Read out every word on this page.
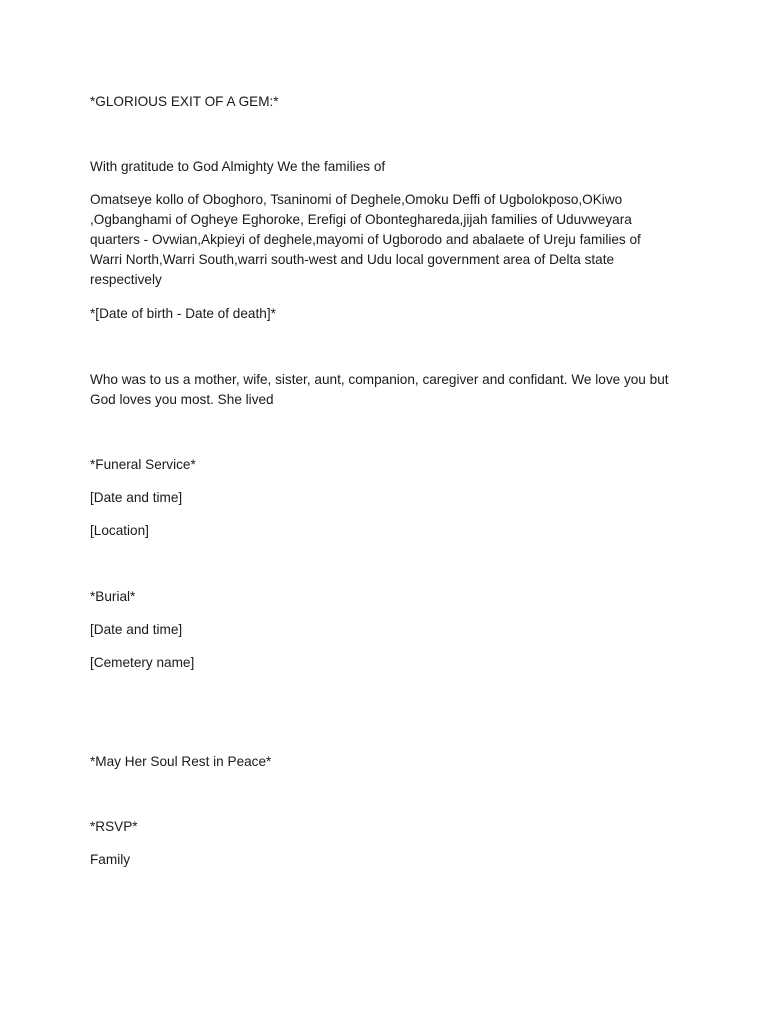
*GLORIOUS EXIT OF A GEM:*

With gratitude to God Almighty We the families of

Omatseye kollo of Oboghoro, Tsaninomi of Deghele,Omoku Deffi of Ugbolokposo,OKiwo
,Ogbanghami of Ogheye Eghoroke, Erefigi of Obonteghareda,jijah families of Uduvweyara
quarters - Ovwian,Akpieyi of deghele,mayomi of Ugborodo and abalaete of Ureju families of
Warri North,Warri South,warri south-west and Udu local government area of Delta state
respectively

*[Date of birth - Date of death]*

Who was to us a mother, wife, sister, aunt, companion, caregiver and confidant. We love you but
God loves you most. She lived

*Funeral Service*

[Date and time]

[Location]

*Burial*

[Date and time]

[Cemetery name]

*May Her Soul Rest in Peace*

*RSVP*

Family
